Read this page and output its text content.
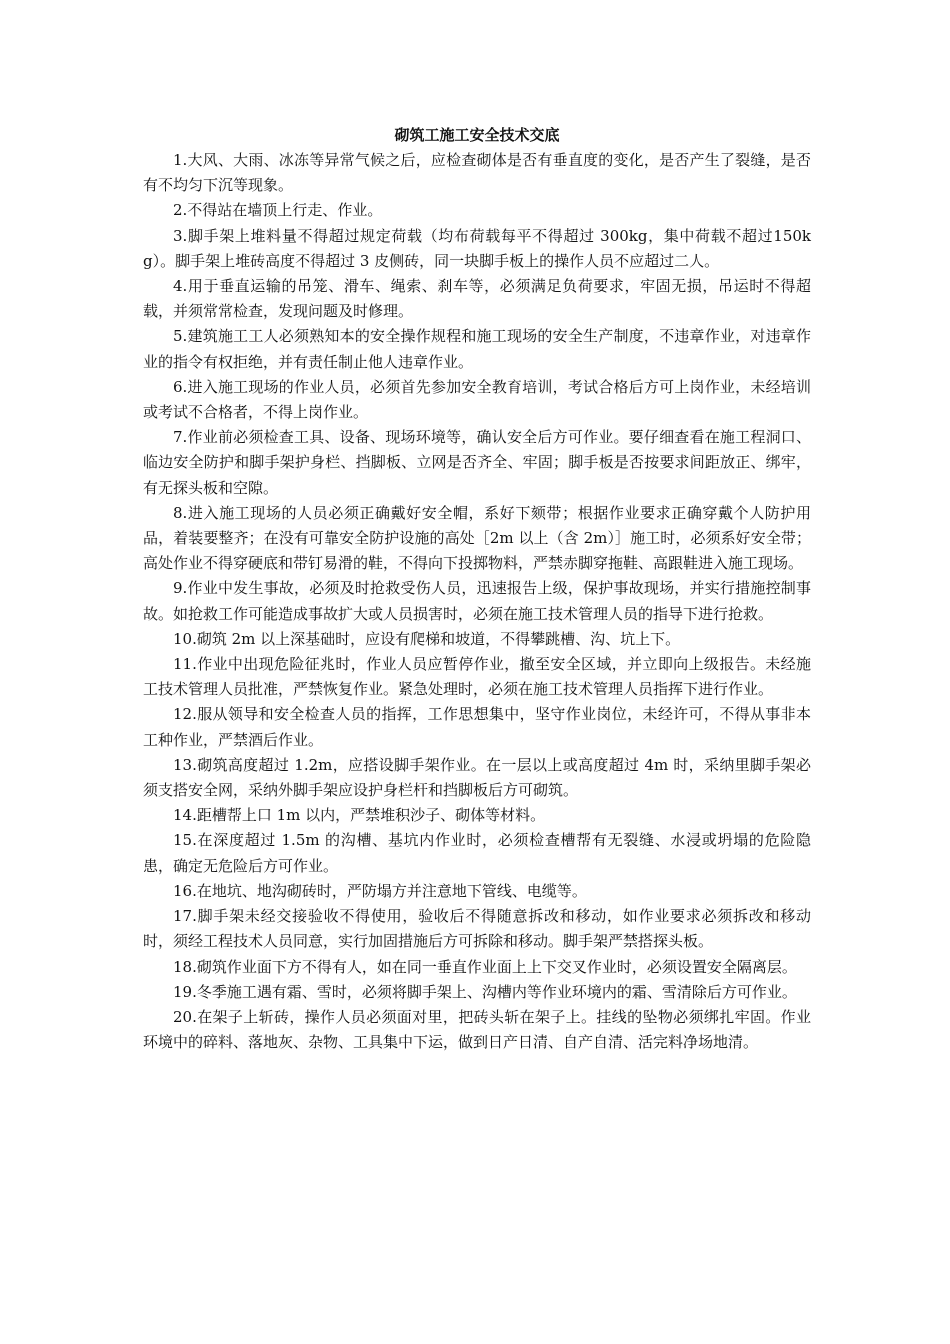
砌筑工施工安全技术交底

1.大风、大雨、冰冻等异常气候之后，应检查砌体是否有垂直度的变化，是否产生了裂缝，是否有不均匀下沉等现象。

2.不得站在墙顶上行走、作业。

3.脚手架上堆料量不得超过规定荷载（均布荷载每平不得超过 300kg，集中荷载不超过150kg）。脚手架上堆砖高度不得超过 3 皮侧砖，同一块脚手板上的操作人员不应超过二人。

4.用于垂直运输的吊笼、滑车、绳索、刹车等，必须满足负荷要求，牢固无损，吊运时不得超载，并须常常检查，发现问题及时修理。

5.建筑施工工人必须熟知本的安全操作规程和施工现场的安全生产制度，不违章作业，对违章作业的指令有权拒绝，并有责任制止他人违章作业。

6.进入施工现场的作业人员，必须首先参加安全教育培训，考试合格后方可上岗作业，未经培训或考试不合格者，不得上岗作业。

7.作业前必须检查工具、设备、现场环境等，确认安全后方可作业。要仔细查看在施工程洞口、临边安全防护和脚手架护身栏、挡脚板、立网是否齐全、牢固；脚手板是否按要求间距放正、绑牢，有无探头板和空隙。

8.进入施工现场的人员必须正确戴好安全帽，系好下颏带；根据作业要求正确穿戴个人防护用品，着装要整齐；在没有可靠安全防护设施的高处［2m 以上（含 2m）］施工时，必须系好安全带；高处作业不得穿硬底和带钉易滑的鞋，不得向下投掷物料，严禁赤脚穿拖鞋、高跟鞋进入施工现场。

9.作业中发生事故，必须及时抢救受伤人员，迅速报告上级，保护事故现场，并实行措施控制事故。如抢救工作可能造成事故扩大或人员损害时，必须在施工技术管理人员的指导下进行抢救。

10.砌筑 2m 以上深基础时，应设有爬梯和坡道，不得攀跳槽、沟、坑上下。

11.作业中出现危险征兆时，作业人员应暂停作业，撤至安全区域，并立即向上级报告。未经施工技术管理人员批准，严禁恢复作业。紧急处理时，必须在施工技术管理人员指挥下进行作业。

12.服从领导和安全检查人员的指挥，工作思想集中，坚守作业岗位，未经许可，不得从事非本工种作业，严禁酒后作业。

13.砌筑高度超过 1.2m，应搭设脚手架作业。在一层以上或高度超过 4m 时，采纳里脚手架必须支搭安全网，采纳外脚手架应设护身栏杆和挡脚板后方可砌筑。

14.距槽帮上口 1m 以内，严禁堆积沙子、砌体等材料。

15.在深度超过 1.5m 的沟槽、基坑内作业时，必须检查槽帮有无裂缝、水浸或坍塌的危险隐患，确定无危险后方可作业。

16.在地坑、地沟砌砖时，严防塌方并注意地下管线、电缆等。

17.脚手架未经交接验收不得使用，验收后不得随意拆改和移动，如作业要求必须拆改和移动时，须经工程技术人员同意，实行加固措施后方可拆除和移动。脚手架严禁搭探头板。

18.砌筑作业面下方不得有人，如在同一垂直作业面上上下交叉作业时，必须设置安全隔离层。

19.冬季施工遇有霜、雪时，必须将脚手架上、沟槽内等作业环境内的霜、雪清除后方可作业。

20.在架子上斩砖，操作人员必须面对里，把砖头斩在架子上。挂线的坠物必须绑扎牢固。作业环境中的碎料、落地灰、杂物、工具集中下运，做到日产日清、自产自清、活完料净场地清。
